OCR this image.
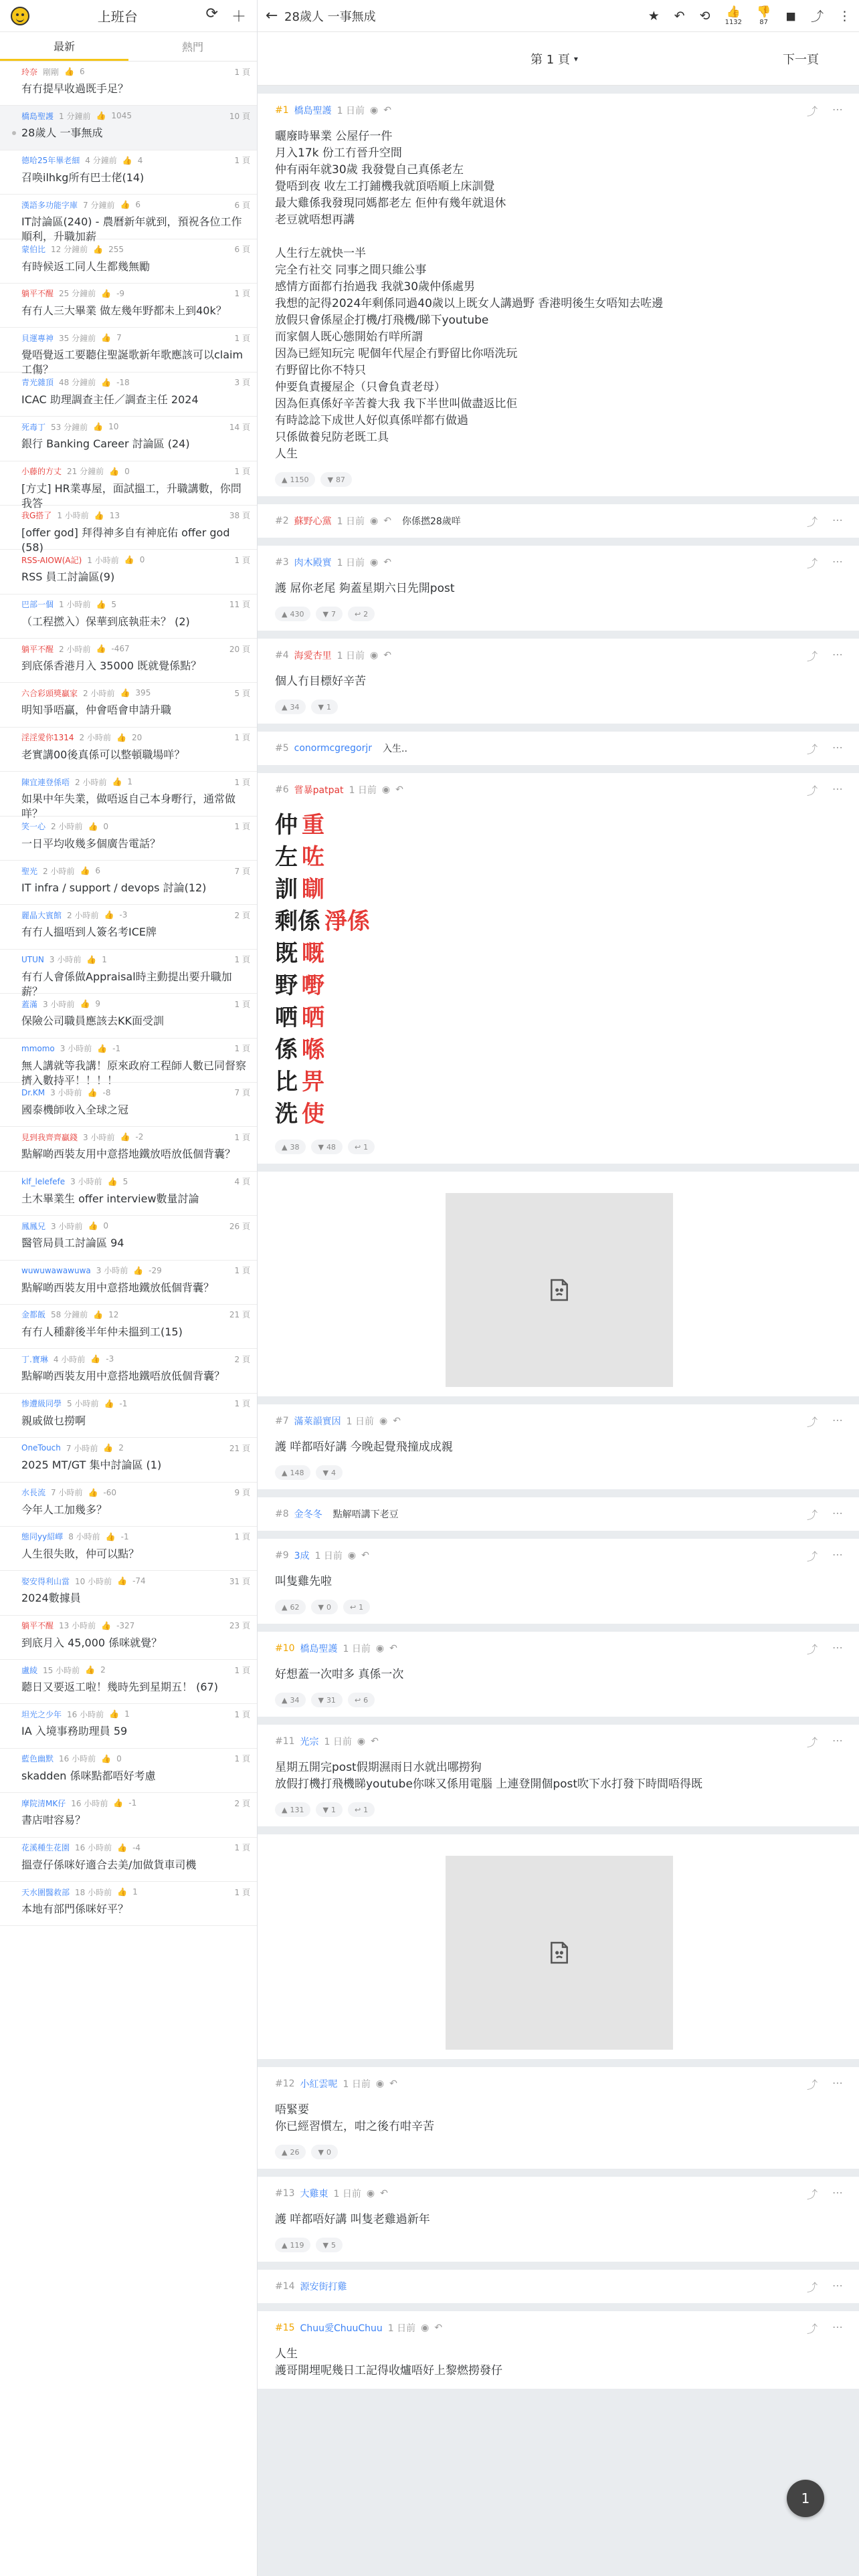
上班台	⟳ ＋
最新	熱門
玲奈 剛剛 👍 6	1 頁
有冇提早收過既手足？
橋島聖護 1 分鐘前 👍 1045	10 頁
28歲人 一事無成
德哈25年畢老細 4 分鐘前 👍 4	1 頁
召唤ilhkg所有巴士佬(14)
漢語多功能字庫 7 分鐘前 👍 6	6 頁
IT討論區(240) - 農曆新年就到，預祝各位工作順利，升職加薪
蒙伯比 12 分鐘前 👍 255	6 頁
有時候返工同人生都幾無勵
躺平不醒 25 分鐘前 👍 -9	1 頁
有冇人三大畢業 做左幾年野都未上到40k？
貝運專神 35 分鐘前 👍 7	1 頁
覺唔覺返工要聽住聖誕歌新年歌應該可以claim工傷？
青光雜頂 48 分鐘前 👍 -18	3 頁
ICAC 助理調查主任／調查主任 2024
死毒丁 53 分鐘前 👍 10	14 頁
銀行 Banking Career 討論區 (24)
小藤的方丈 21 分鐘前 👍 0	1 頁
[方丈] HR業專屋，面試搵工，升職講數，你問我答
我G搭了 1 小時前 👍 13	38 頁
[offer god] 拜得神多自有神庇佑 offer god (58)
RSS-AIOW(A記) 1 小時前 👍 0	1 頁
RSS 員工討論區(9)
巴部一個 1 小時前 👍 5	11 頁
（工程撚入）保華到底執莊未？ (2)
躺平不醒 2 小時前 👍 -467	20 頁
到底係香港月入 35000 既就覺係點？
六合彩頭獎贏家 2 小時前 👍 395	5 頁
明知爭唔贏，仲會唔會申請升職
淫淫愛你1314 2 小時前 👍 20	1 頁
老實講00後真係可以整頓職場咩？
陳宜連登係唔 2 小時前 👍 1	1 頁
如果中年失業，做唔返自己本身嘢行，通常做咩？
笑一心 2 小時前 👍 0	1 頁
一日平均收幾多個廣告電話？
聖光 2 小時前 👍 6	7 頁
IT infra / support / devops 討論(12)
麗晶大賓館 2 小時前 👍 -3	2 頁
有冇人搵唔到人簽名考ICE牌
UTUN 3 小時前 👍 1	1 頁
有冇人會係做Appraisal時主動提出要升職加薪？
蓋滿 3 小時前 👍 9	1 頁
保險公司職員應該去KK面受訓
mmomo 3 小時前 👍 -1	1 頁
無人講就等我講！原來政府工程師人數已同督察擠入數持平！！！！
Dr.KM 3 小時前 👍 -8	7 頁
國泰機師收入全球之冠
見到我齊齊贏錢 3 小時前 👍 -2	1 頁
點解啲西裝友用中意搭地鐵放唔放低個背囊？
klf_lelefefe 3 小時前 👍 5	4 頁
土木畢業生 offer interview數量討論
鳳鳳兄 3 小時前 👍 0	26 頁
醫管局員工討論區 94
wuwuwawawuwa 3 小時前 👍 -29	1 頁
點解啲西裝友用中意搭地鐵放低個背囊？
金都飯 58 分鐘前 👍 12	21 頁
有冇人種辭後半年仲未搵到工(15)
丁.寶琳 4 小時前 👍 -3	2 頁
點解啲西裝友用中意搭地鐵唔放低個背囊？
惨遭級同學 5 小時前 👍 -1	1 頁
親戚做乜撈啊
OneTouch 7 小時前 👍 2	21 頁
2025 MT/GT 集中討論區 (1)
水長流 7 小時前 👍 -60	9 頁
今年人工加幾多？
態同yy紹嶧 8 小時前 👍 -1	1 頁
人生很失敗，仲可以點？
娶安得利山當 10 小時前 👍 -74	31 頁
2024數據員
躺平不醒 13 小時前 👍 -327	23 頁
到底月入 45,000 係咪就覺？
盧綾 15 小時前 👍 2	1 頁
聽日又要返工啦！幾時先到星期五！ (67)
坦光之少年 16 小時前 👍 1	1 頁
IA 入境事務助理員 59
藍色幽默 16 小時前 👍 0	1 頁
skadden 係咪點都唔好考慮
摩院清MK仔 16 小時前 👍 -1	2 頁
書店咁容易？
花溪種生花園 16 小時前 👍 -4	1 頁
搵壹仔係咪好適合去美/加做貨車司機
天水圍醫救部 18 小時前 👍 1	1 頁
本地有部門係咪好平？
← 28歲人 一事無成	★ ↶ ⟲ 👍
1132
👎
87 ◼ ⤴ ⋮
第 1 頁 ▾	下一頁
#1 橋島聖護 1 日前 ◉ ↶	⤴ ⋯
曬廢時畢業 公屋仔一件
月入17k 份工冇晉升空間
仲有兩年就30歲 我發覺自己真係老左
覺唔到夜 收左工打鋪機我就頂唔順上床訓覺
最大雞係我發現同媽都老左 佢仲有幾年就退休
老豆就唔想再講

人生行左就快一半
完全冇社交 同事之間只維公事
感情方面都冇抬過我 我就30歲仲係處男
我想的記得2024年剩係同過40歲以上既女人講過野 香港明後生女唔知去咗邊
放假只會係屋企打機/打飛機/睇下youtube
而家個人既心態開始冇咩所謂
因為已經知玩完 呢個年代屋企冇野留比你唔洗玩
冇野留比你不特只
仲要負責擾屋企（只會負責老母）
因為佢真係好辛苦養大我 我下半世叫做盡返比佢
有時諗諗下成世人好似真係咩都冇做過
只係做養兒防老既工具
人生
▲ 1150	▼ 87
#2 蘇野心黨 1 日前 ◉ ↶ 你係撚28歲咩	⤴ ⋯
#3 肉木殿實 1 日前 ◉ ↶	⤴ ⋯
護 屌你老尾 夠蓋星期六日先開post
▲ 430	▼ 7	↩ 2
#4 海愛杏里 1 日前 ◉ ↶	⤴ ⋯
個人冇目標好辛苦
▲ 34	▼ 1
#5 conormcgregorjr 入生..	⤴ ⋯
#6 嘗暴patpat 1 日前 ◉ ↶	⤴ ⋯
仲 重
左 咗
訓 瞓
剩係 淨係
既 嘅
野 嘢
哂 晒
係 喺
比 畀
洗 使
▲ 38	▼ 48	↩ 1
#7 滿萊韻實因 1 日前 ◉ ↶	⤴ ⋯
護 咩都唔好講 今晚起覺飛撞成成親
▲ 148	▼ 4
#8 金冬冬 點解唔講下老豆	⤴ ⋯
#9 3成 1 日前 ◉ ↶	⤴ ⋯
叫隻雞先啦
▲ 62	▼ 0	↩ 1
#10 橋島聖護 1 日前 ◉ ↶	⤴ ⋯
好想蓋一次咁多 真係一次
▲ 34	▼ 31	↩ 6
#11 光宗 1 日前 ◉ ↶	⤴ ⋯
星期五開完post假期濕雨日水就出哪撈狗
放假打機打飛機睇youtube你咪又係用電腦 上連登開個post吹下水打發下時間唔得既
▲ 131	▼ 1	↩ 1
#12 小紅雲呢 1 日前 ◉ ↶	⤴ ⋯
唔緊要
你已經習慣左，咁之後冇咁辛苦
▲ 26	▼ 0
#13 大雞東 1 日前 ◉ ↶	⤴ ⋯
護 咩都唔好講 叫隻老雞過新年
▲ 119	▼ 5
#14 源安街打雞	⤴ ⋯
#15 Chuu愛ChuuChuu 1 日前 ◉ ↶	⤴ ⋯
人生
護哥開埋呢幾日工記得收爐唔好上黎燃撈發仔
1
